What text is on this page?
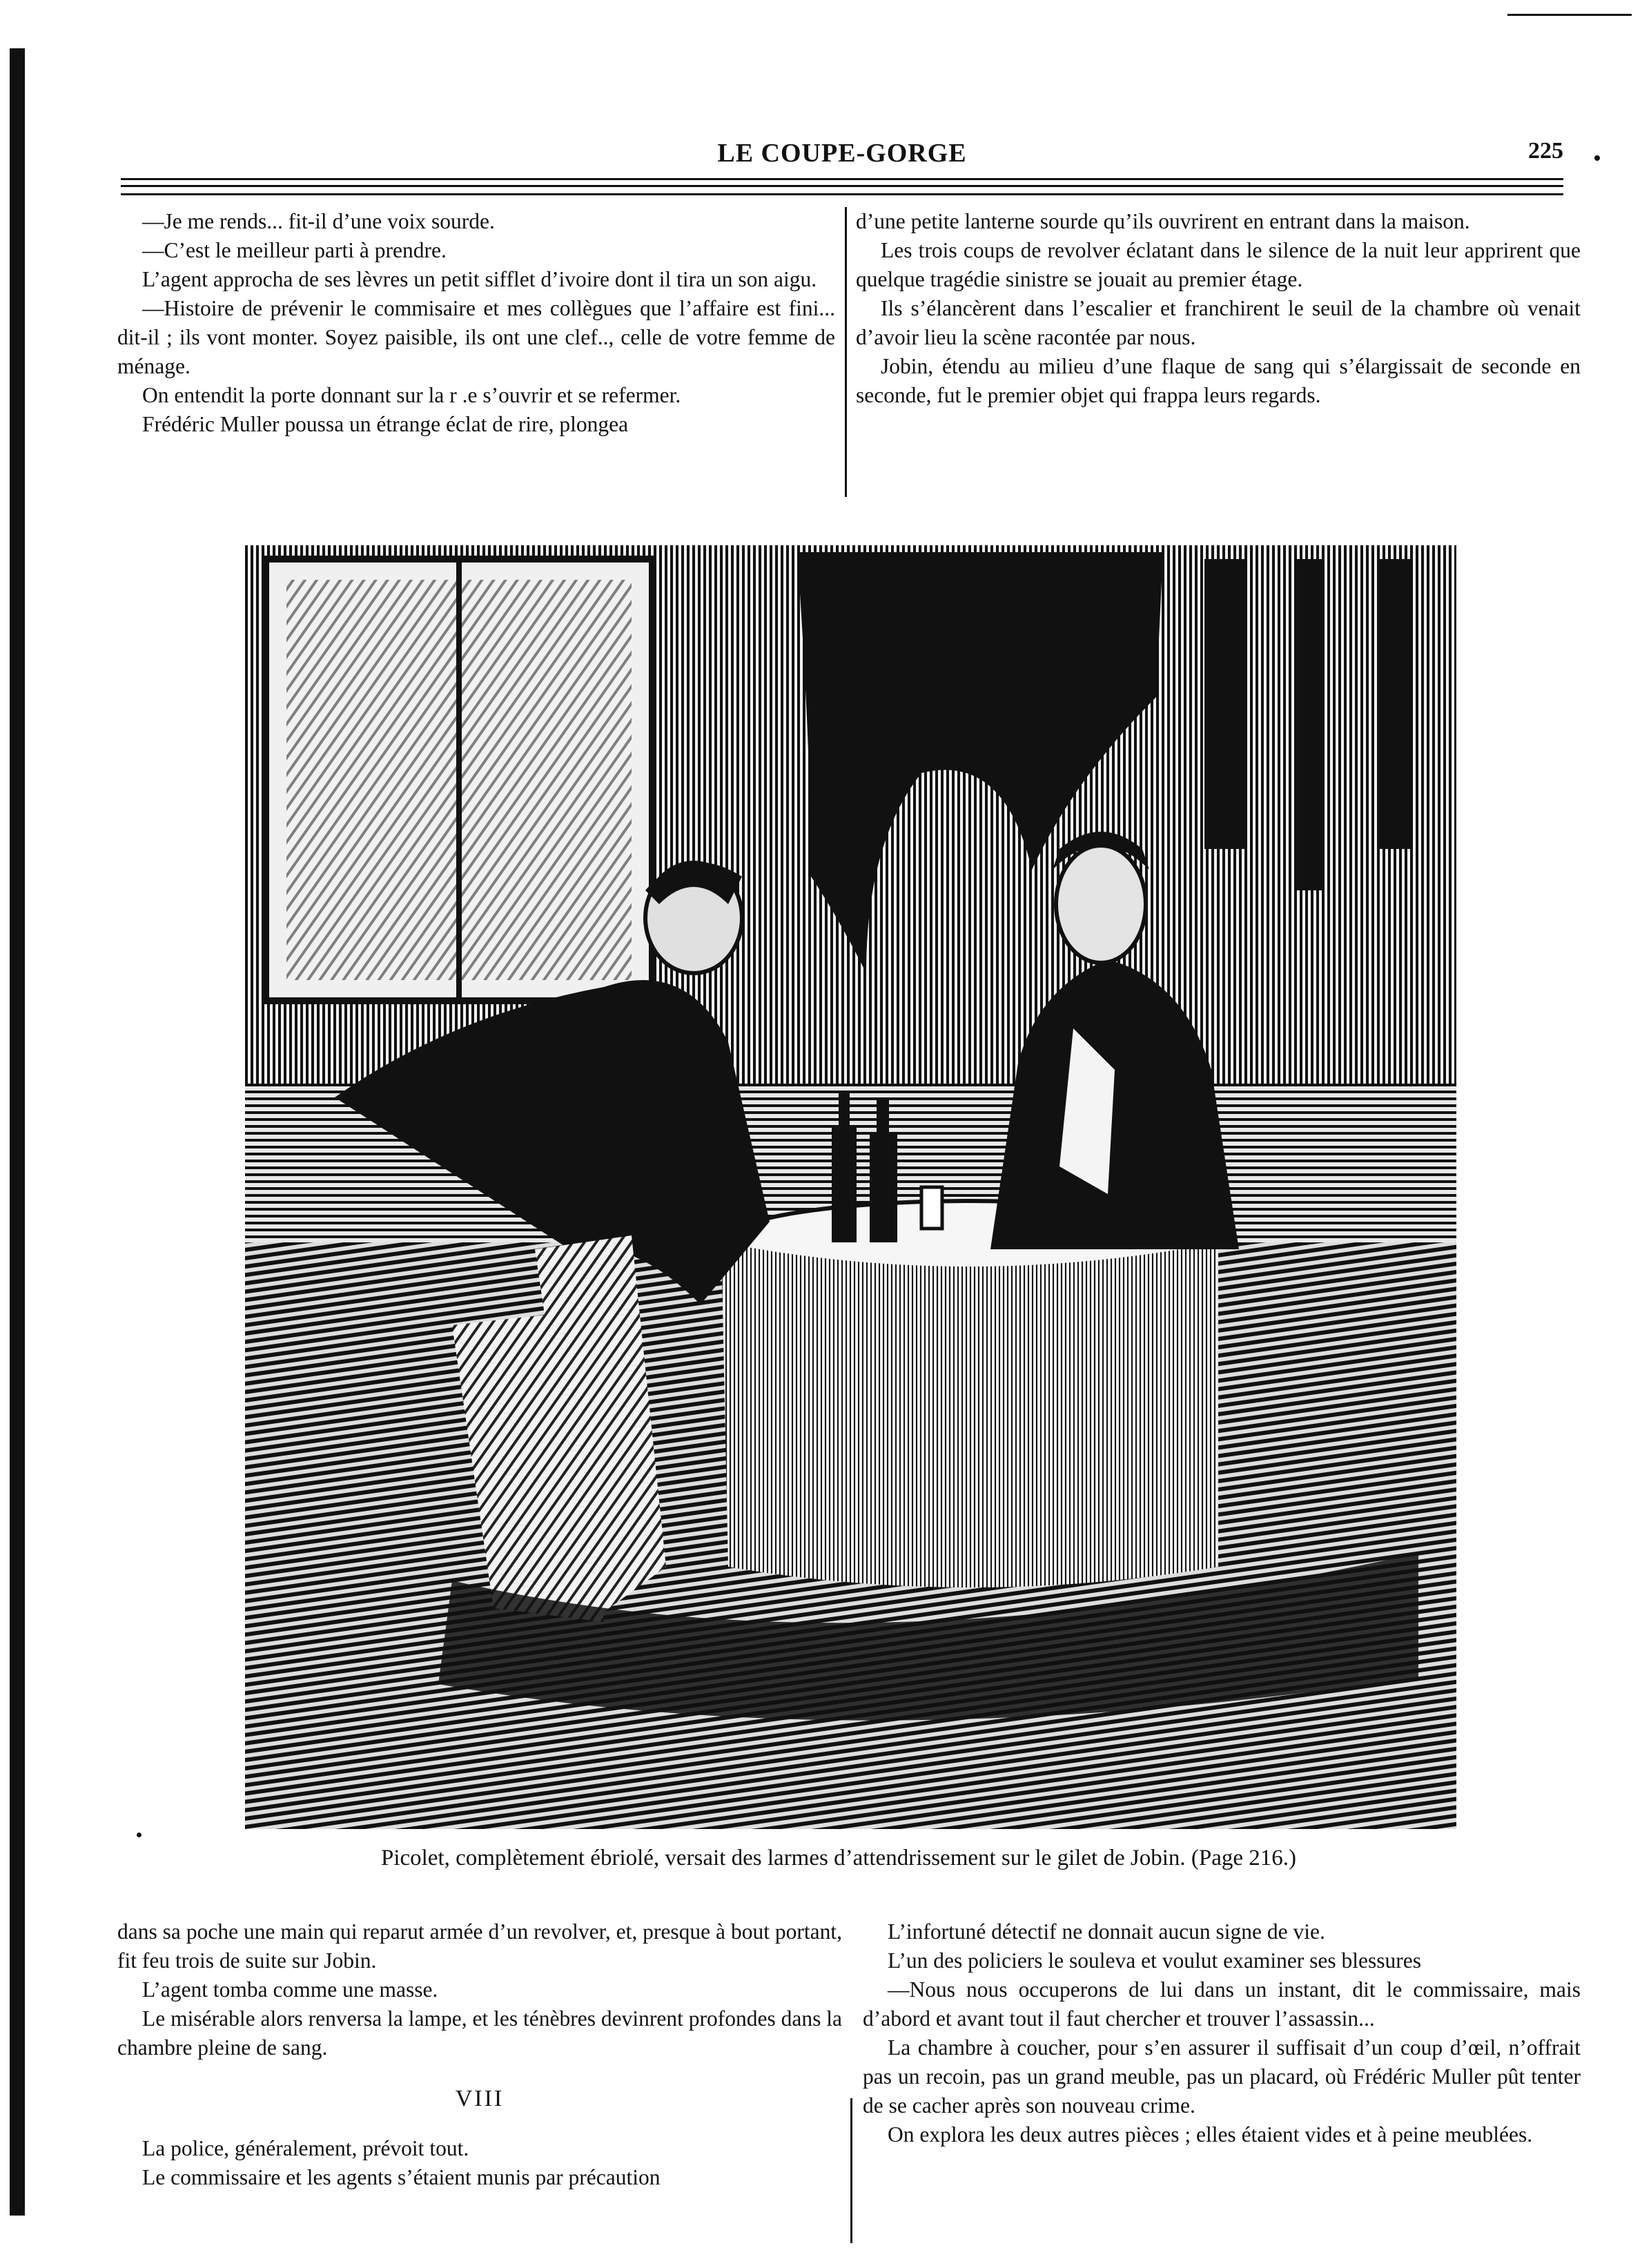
LE COUPE-GORGE	225

—Je me rends... fit-il d’une voix sourde.

—C’est le meilleur parti à prendre.

L’agent approcha de ses lèvres un petit sifflet d’ivoire dont il tira un son aigu.

—Histoire de prévenir le commisaire et mes collègues que l’affaire est fini... dit-il ; ils vont monter. Soyez paisible, ils ont une clef.., celle de votre femme de ménage.

On entendit la porte donnant sur la r .e s’ouvrir et se refermer.

Frédéric Muller poussa un étrange éclat de rire, plongea

d’une petite lanterne sourde qu’ils ouvrirent en entrant dans la maison.

Les trois coups de revolver éclatant dans le silence de la nuit leur apprirent que quelque tragédie sinistre se jouait au premier étage.

Ils s’élancèrent dans l’escalier et franchirent le seuil de la chambre où venait d’avoir lieu la scène racontée par nous.

Jobin, étendu au milieu d’une flaque de sang qui s’élargissait de seconde en seconde, fut le premier objet qui frappa leurs regards.

Picolet, complètement ébriolé, versait des larmes d’attendrissement sur le gilet de Jobin. (Page 216.)

dans sa poche une main qui reparut armée d’un revolver, et, presque à bout portant, fit feu trois de suite sur Jobin.

L’agent tomba comme une masse.

Le misérable alors renversa la lampe, et les ténèbres devinrent profondes dans la chambre pleine de sang.

VIII

La police, généralement, prévoit tout.

Le commissaire et les agents s’étaient munis par précaution

L’infortuné détectif ne donnait aucun signe de vie.

L’un des policiers le souleva et voulut examiner ses blessures

—Nous nous occuperons de lui dans un instant, dit le commissaire, mais d’abord et avant tout il faut chercher et trouver l’assassin...

La chambre à coucher, pour s’en assurer il suffisait d’un coup d’œil, n’offrait pas un recoin, pas un grand meuble, pas un placard, où Frédéric Muller pût tenter de se cacher après son nouveau crime.

On explora les deux autres pièces ; elles étaient vides et à peine meublées.
